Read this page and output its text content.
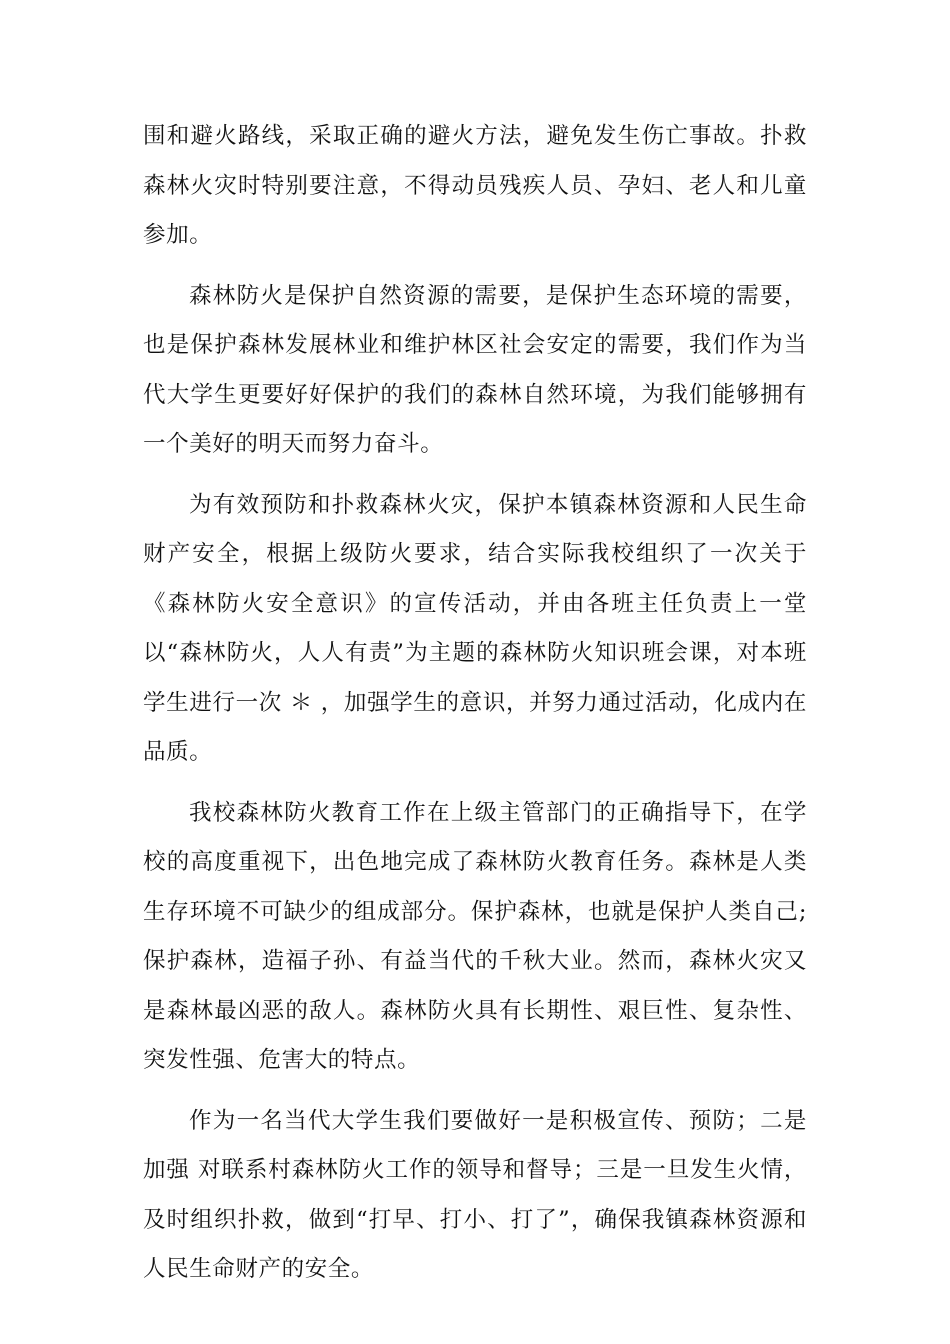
围和避火路线，采取正确的避火方法，避免发生伤亡事故。扑救森林火灾时特别要注意，不得动员残疾人员、孕妇、老人和儿童参加。

森林防火是保护自然资源的需要，是保护生态环境的需要，也是保护森林发展林业和维护林区社会安定的需要，我们作为当代大学生更要好好保护的我们的森林自然环境，为我们能够拥有一个美好的明天而努力奋斗。

为有效预防和扑救森林火灾，保护本镇森林资源和人民生命财产安全，根据上级防火要求，结合实际我校组织了一次关于《森林防火安全意识》的宣传活动，并由各班主任负责上一堂以“森林防火，人人有责”为主题的森林防火知识班会课，对本班学生进行一次 ＊ ，加强学生的意识，并努力通过活动，化成内在品质。

我校森林防火教育工作在上级主管部门的正确指导下，在学校的高度重视下，出色地完成了森林防火教育任务。森林是人类生存环境不可缺少的组成部分。保护森林，也就是保护人类自己;保护森林，造福子孙、有益当代的千秋大业。然而，森林火灾又是森林最凶恶的敌人。森林防火具有长期性、艰巨性、复杂性、突发性强、危害大的特点。

作为一名当代大学生我们要做好一是积极宣传、预防；二是加强 对联系村森林防火工作的领导和督导；三是一旦发生火情，及时组织扑救，做到“打早、打小、打了”，确保我镇森林资源和人民生命财产的安全。
